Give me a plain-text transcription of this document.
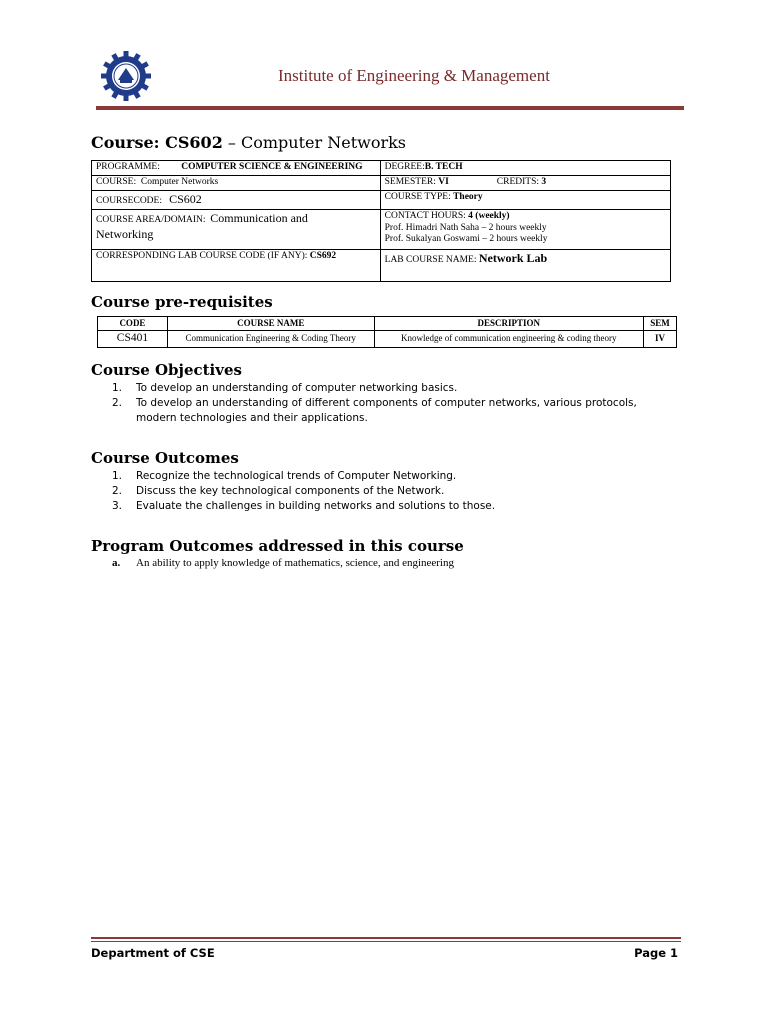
Institute of Engineering & Management
Course: CS602 – Computer Networks
PROGRAMME: COMPUTER SCIENCE & ENGINEERING	DEGREE:B. TECH
COURSE: Computer Networks	SEMESTER: VI CREDITS: 3
COURSECODE: CS602	COURSE TYPE: Theory
COURSE AREA/DOMAIN: Communication and
Networking	CONTACT HOURS: 4 (weekly)
Prof. Himadri Nath Saha – 2 hours weekly
Prof. Sukalyan Goswami – 2 hours weekly
CORRESPONDING LAB COURSE CODE (IF ANY): CS692	LAB COURSE NAME: Network Lab
Course pre-requisites
CODE	COURSE NAME	DESCRIPTION	SEM
CS401	Communication Engineering & Coding Theory	Knowledge of communication engineering & coding theory	IV
Course Objectives
1. To develop an understanding of computer networking basics.
2. To develop an understanding of different components of computer networks, various protocols,
modern technologies and their applications.
Course Outcomes
1. Recognize the technological trends of Computer Networking.
2. Discuss the key technological components of the Network.
3. Evaluate the challenges in building networks and solutions to those.
Program Outcomes addressed in this course
a. An ability to apply knowledge of mathematics, science, and engineering
Department of CSE	Page 1
